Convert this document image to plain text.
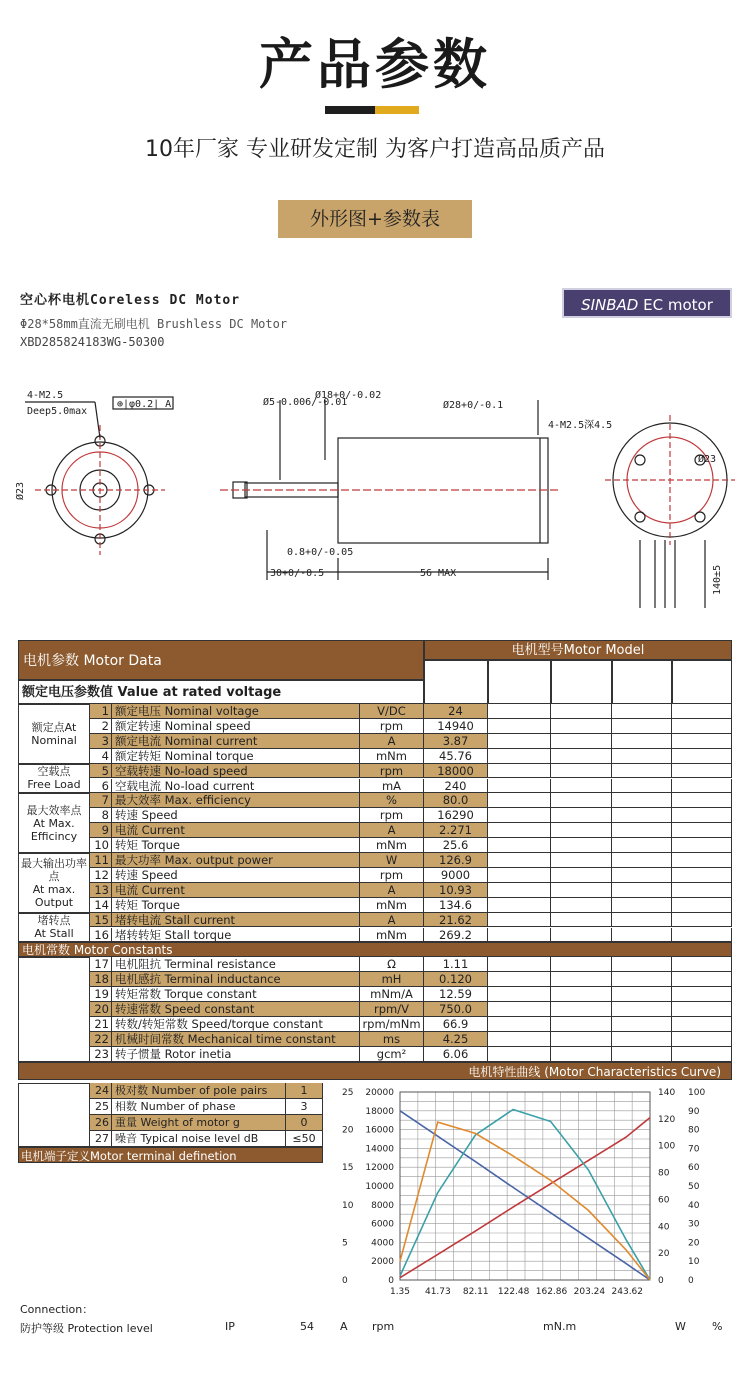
产品参数
10年厂家 专业研发定制 为客户打造高品质产品
外形图+参数表
空心杯电机Coreless DC Motor
Φ28*58mm直流无刷电机 Brushless DC Motor
XBD285824183WG-50300
SINBAD EC motor
4-M2.5
Deep5.0max
⊕|φ0.2| A
Ø23
Ø5-0.006/-0.01
Ø18+0/-0.02
Ø28+0/-0.1
0.8+0/-0.05
30+0/-0.5	56 MAX
4-M2.5深4.5
Ø23
140±5
电机参数 Motor Data
电机型号Motor Model
额定电压参数值 Value at rated voltage
额定点At
Nominal
空载点
Free Load
最大效率点
At Max. Efficincy
最大输出功率点
At max. Output
堵转点
At Stall
1 额定电压 Nominal voltage	V/DC	24
2 额定转速 Nominal speed	rpm	14940
3 额定电流 Nominal current	A	3.87
4 额定转矩 Nominal torque	mNm	45.76
5 空载转速 No-load speed	rpm	18000
6 空载电流 No-load current	mA	240
7 最大效率 Max. efficiency	%	80.0
8 转速 Speed	rpm	16290
9 电流 Current	A	2.271
10 转矩 Torque	mNm	25.6
11 最大功率 Max. output power	W	126.9
12 转速 Speed	rpm	9000
13 电流 Current	A	10.93
14 转矩 Torque	mNm	134.6
15 堵转电流 Stall current	A	21.62
16 堵转转矩 Stall torque	mNm	269.2
电机常数 Motor Constants
17 电机阻抗 Terminal resistance	Ω	1.11
18 电机感抗 Terminal inductance	mH	0.120
19 转矩常数 Torque constant	mNm/A	12.59
20 转速常数 Speed constant	rpm/V	750.0
21 转数/转矩常数 Speed/torque constant	rpm/mNm	66.9
22 机械时间常数 Mechanical time constant	ms	4.25
23 转子惯量 Rotor inetia	gcm²	6.06
电机特性曲线 (Motor Characteristics Curve)
24 极对数 Number of pole pairs	1
25 相数 Number of phase	3
26 重量 Weight of motor g	0
27 噪音 Typical noise level dB	≤50
电机端子定义Motor terminal definetion
25
20
15
10
5
0
20000
18000
16000
14000
12000
10000
8000
6000
4000
2000
0
140
120
100
80
60
40
20
0
100
90
80
70
60
50
40
30
20
10
0
1.35 41.73 82.11 122.48 162.86 203.24 243.62
Connection：
防护等级 Protection level	IP	54 A rpm	mN.m	W %
